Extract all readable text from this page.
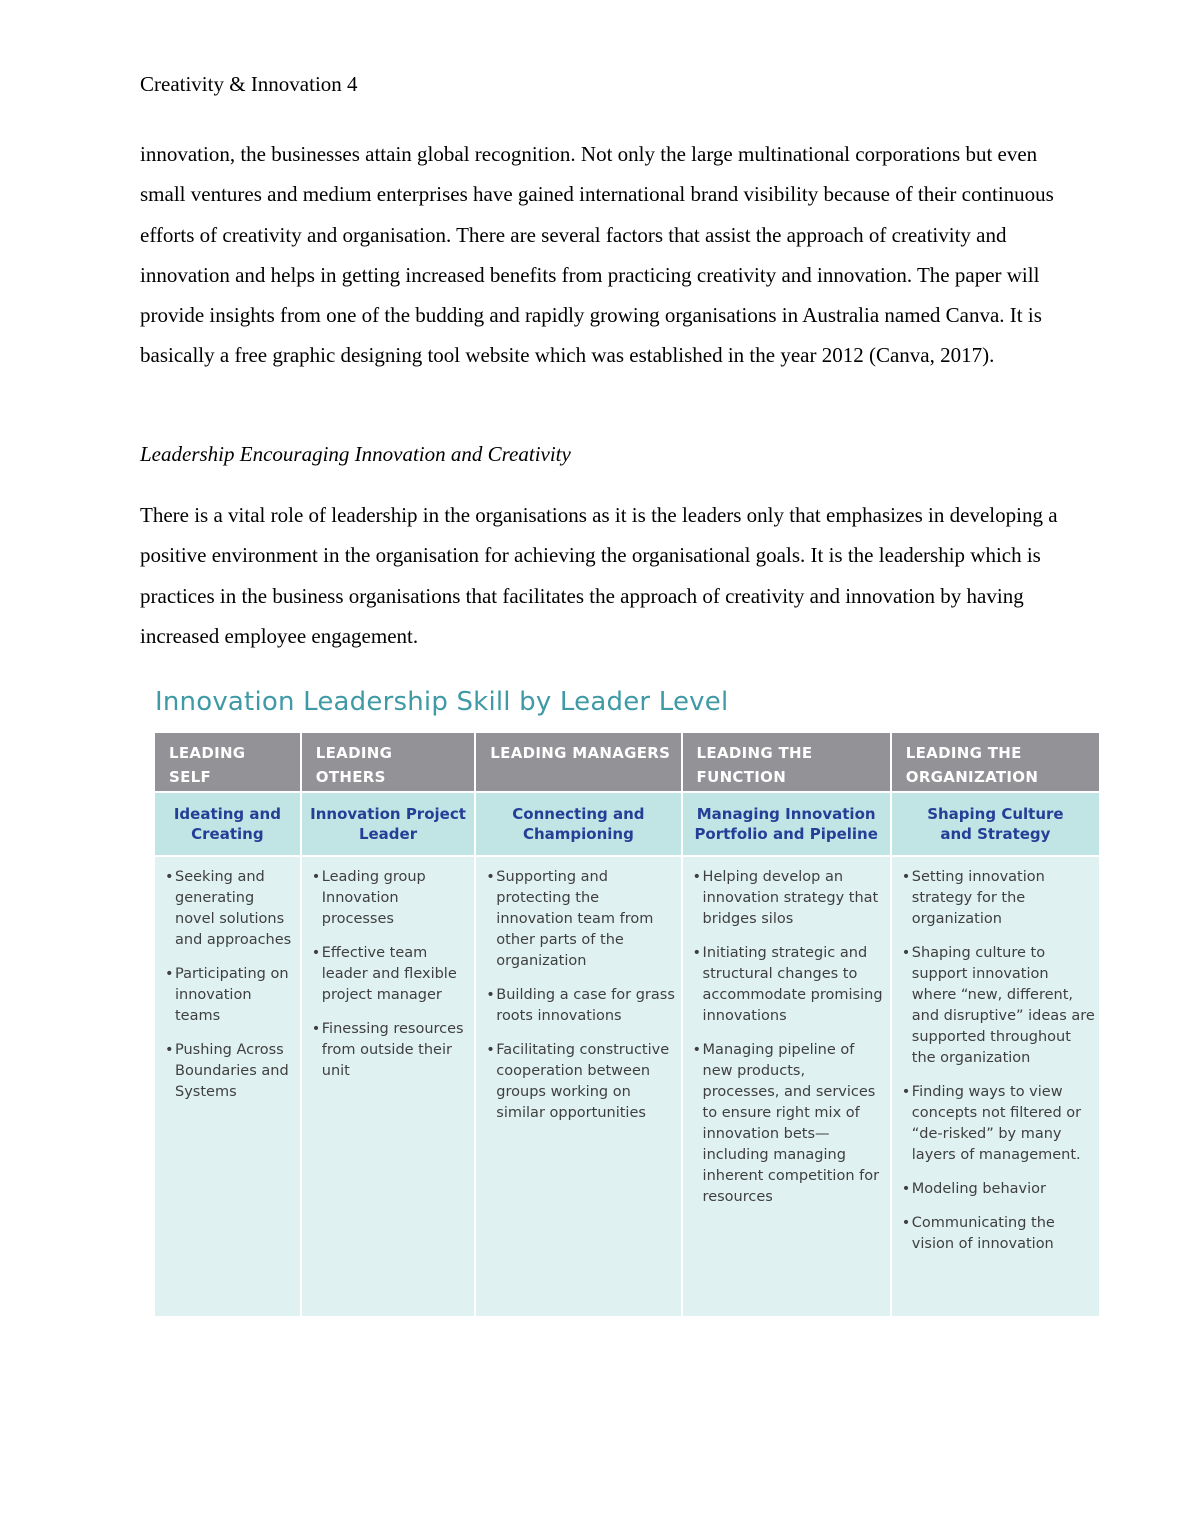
Creativity & Innovation 4

innovation, the businesses attain global recognition. Not only the large multinational corporations but even small ventures and medium enterprises have gained international brand visibility because of their continuous efforts of creativity and organisation. There are several factors that assist the approach of creativity and innovation and helps in getting increased benefits from practicing creativity and innovation. The paper will provide insights from one of the budding and rapidly growing organisations in Australia named Canva. It is basically a free graphic designing tool website which was established in the year 2012 (Canva, 2017).

Leadership Encouraging Innovation and Creativity

There is a vital role of leadership in the organisations as it is the leaders only that emphasizes in developing a positive environment in the organisation for achieving the organisational goals. It is the leadership which is practices in the business organisations that facilitates the approach of creativity and innovation by having increased employee engagement.

Innovation Leadership Skill by Leader Level
LEADING SELF
Ideating and
Creating
• Seeking and generating novel solutions and approaches
• Participating on innovation teams
• Pushing Across Boundaries and Systems
LEADING OTHERS
Innovation Project
Leader
• Leading group Innovation processes
• Effective team leader and flexible project manager
• Finessing resources from outside their unit
LEADING MANAGERS
Connecting and
Championing
• Supporting and protecting the innovation team from other parts of the organization
• Building a case for grass roots innovations
• Facilitating constructive cooperation between groups working on similar opportunities
LEADING THE FUNCTION
Managing Innovation
Portfolio and Pipeline
• Helping develop an innovation strategy that bridges silos
• Initiating strategic and structural changes to accommodate promising innovations
• Managing pipeline of new products, processes, and services to ensure right mix of innovation bets—including managing inherent competition for resources
LEADING THE ORGANIZATION
Shaping Culture
and Strategy
• Setting innovation strategy for the organization
• Shaping culture to support innovation where “new, different, and disruptive” ideas are supported throughout the organization
• Finding ways to view concepts not filtered or “de-risked” by many layers of management.
• Modeling behavior
• Communicating the vision of innovation
